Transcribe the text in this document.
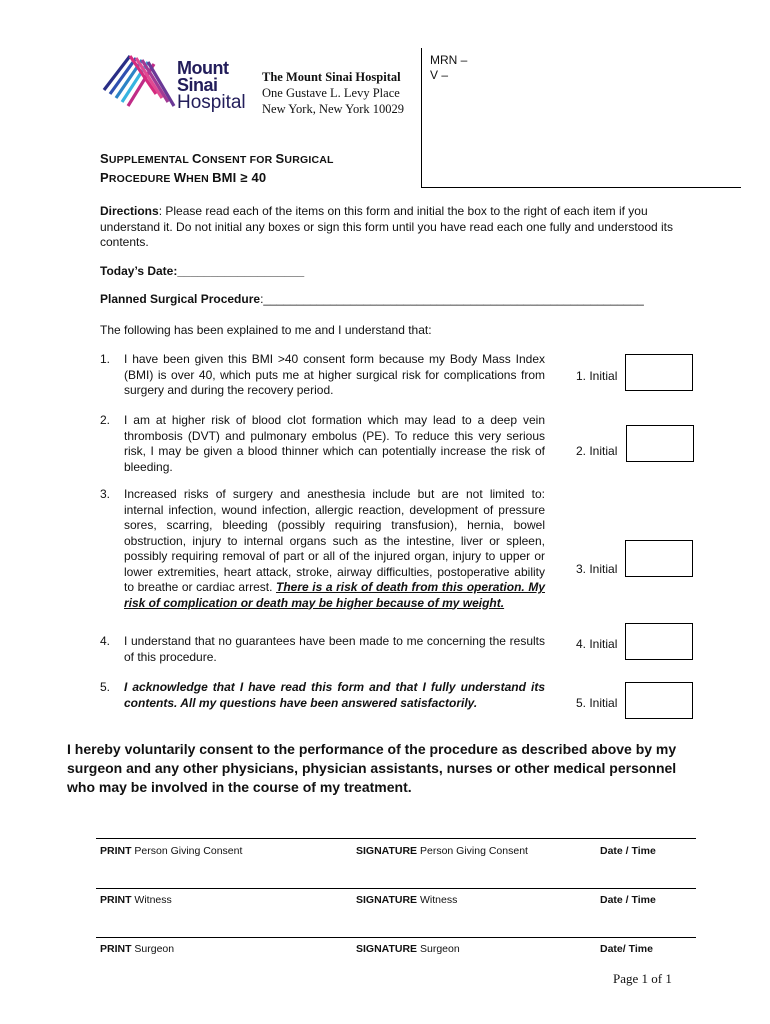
Mount
Sinai
Hospital
The Mount Sinai Hospital
One Gustave L. Levy Place
New York, New York 10029
MRN –
V –
SUPPLEMENTAL CONSENT FOR SURGICAL
PROCEDURE WHEN BMI ≥ 40
Directions: Please read each of the items on this form and initial the box to the right of each item if you understand it. Do not initial any boxes or sign this form until you have read each one fully and understood its contents.
Today’s Date:___________________
Planned Surgical Procedure:_________________________________________________________
The following has been explained to me and I understand that:
1. I have been given this BMI >40 consent form because my Body Mass Index (BMI) is over 40, which puts me at higher surgical risk for complications from surgery and during the recovery period.
1. Initial
2. I am at higher risk of blood clot formation which may lead to a deep vein thrombosis (DVT) and pulmonary embolus (PE). To reduce this very serious risk, I may be given a blood thinner which can potentially increase the risk of bleeding.
2. Initial
3. Increased risks of surgery and anesthesia include but are not limited to: internal infection, wound infection, allergic reaction, development of pressure sores, scarring, bleeding (possibly requiring transfusion), hernia, bowel obstruction, injury to internal organs such as the intestine, liver or spleen, possibly requiring removal of part or all of the injured organ, injury to upper or lower extremities, heart attack, stroke, airway difficulties, postoperative ability to breathe or cardiac arrest. There is a risk of death from this operation. My risk of complication or death may be higher because of my weight.
3. Initial
4. I understand that no guarantees have been made to me concerning the results of this procedure.
4. Initial
5. I acknowledge that I have read this form and that I fully understand its contents. All my questions have been answered satisfactorily.	5. Initial
I hereby voluntarily consent to the performance of the procedure as described above by my surgeon and any other physicians, physician assistants, nurses or other medical personnel who may be involved in the course of my treatment.
PRINT Person Giving Consent	SIGNATURE Person Giving Consent	Date / Time
PRINT Witness	SIGNATURE Witness	Date / Time
PRINT Surgeon	SIGNATURE Surgeon	Date/ Time
Page 1 of 1
